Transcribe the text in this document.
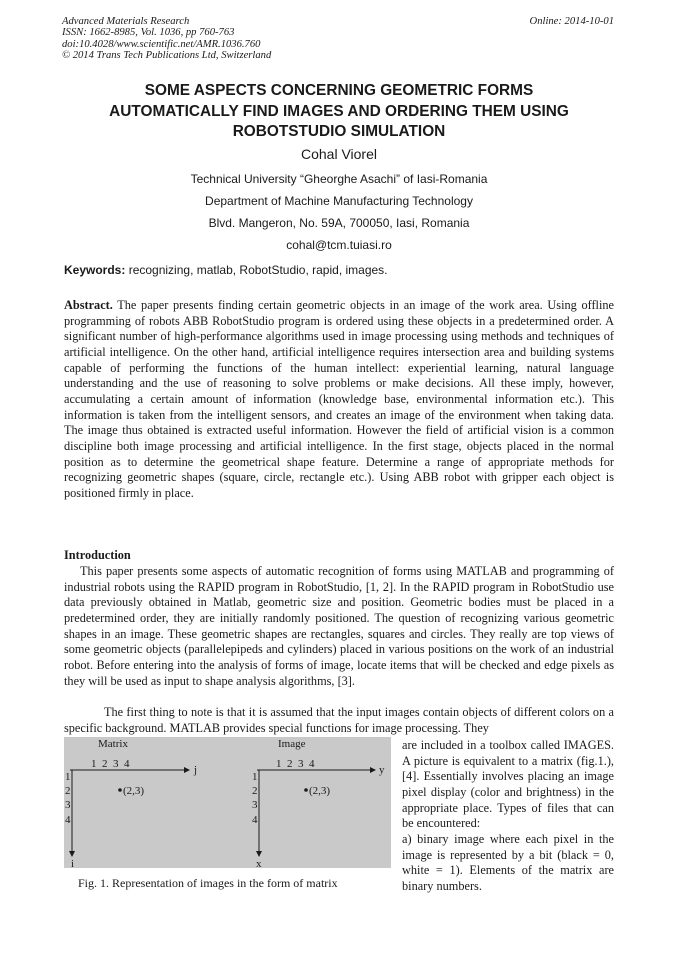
Advanced Materials Research
ISSN: 1662-8985, Vol. 1036, pp 760-763
doi:10.4028/www.scientific.net/AMR.1036.760
© 2014 Trans Tech Publications Ltd, Switzerland
Online: 2014-10-01
SOME ASPECTS CONCERNING GEOMETRIC FORMS
AUTOMATICALLY FIND IMAGES AND ORDERING THEM USING
ROBOTSTUDIO SIMULATION
Cohal Viorel
Technical University “Gheorghe Asachi” of Iasi-Romania
Department of Machine Manufacturing Technology
Blvd. Mangeron, No. 59A, 700050, Iasi, Romania
cohal@tcm.tuiasi.ro
Keywords: recognizing, matlab, RobotStudio, rapid, images.
Abstract. The paper presents finding certain geometric objects in an image of the work area. Using offline programming of robots ABB RobotStudio program is ordered using these objects in a predetermined order. A significant number of high-performance algorithms used in image processing using methods and techniques of artificial intelligence. On the other hand, artificial intelligence requires intersection area and building systems capable of performing the functions of the human intellect: experiential learning, natural language understanding and the use of reasoning to solve problems or make decisions. All these imply, however, accumulating a certain amount of information (knowledge base, environmental information etc.). This information is taken from the intelligent sensors, and creates an image of the environment when taking data. The image thus obtained is extracted useful information. However the field of artificial vision is a common discipline both image processing and artificial intelligence. In the first stage, objects placed in the normal position as to determine the geometrical shape feature. Determine a range of appropriate methods for recognizing geometric shapes (square, circle, rectangle etc.). Using ABB robot with gripper each object is positioned firmly in place.
Introduction
This paper presents some aspects of automatic recognition of forms using MATLAB and programming of industrial robots using the RAPID program in RobotStudio, [1, 2]. In the RAPID program in RobotStudio use data previously obtained in Matlab, geometric size and position. Geometric bodies must be placed in a predetermined order, they are initially randomly positioned. The question of recognizing various geometric shapes in an image. These geometric shapes are rectangles, squares and circles. They really are top views of some geometric objects (parallelepipeds and cylinders) placed in various positions on the work of an industrial robot. Before entering into the analysis of forms of image, locate items that will be checked and edge pixels as they will be used as input to shape analysis algorithms, [3].
The first thing to note is that it is assumed that the input images contain objects of different colors on a specific background. MATLAB provides special functions for image processing. They
Matrix
1  2  3  4	j
i
1
2
3
4
(2,3)
Image
1  2  3  4	y
x
1
2
3
4
(2,3)
Fig. 1. Representation of images in the form of matrix
are included in a toolbox called IMAGES. A picture is equivalent to a matrix (fig.1.), [4]. Essentially involves placing an image pixel display (color and brightness) in the appropriate place. Types of files that can be encountered:
a) binary image where each pixel in the image is represented by a bit (black = 0, white = 1). Elements of the matrix are binary numbers.
